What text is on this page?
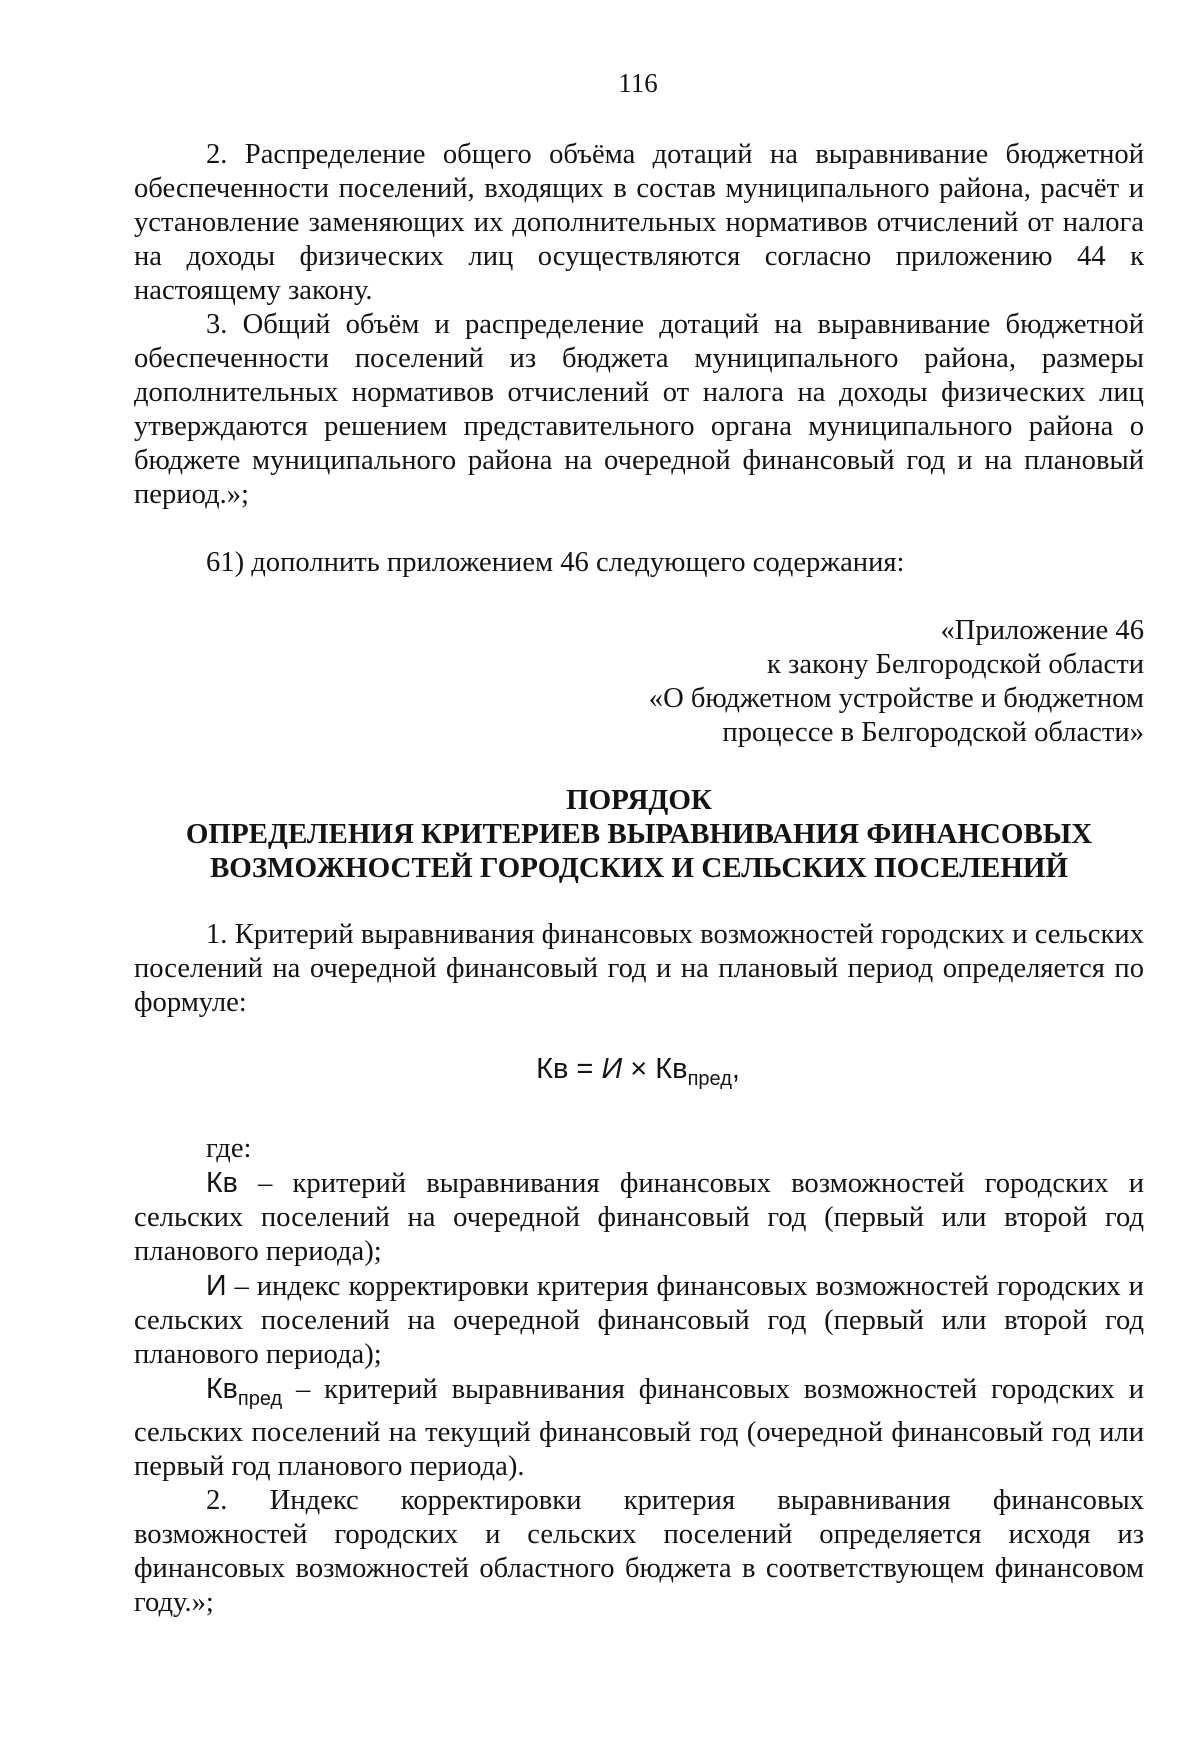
116

2. Распределение общего объёма дотаций на выравнивание бюджетной обеспеченности поселений, входящих в состав муниципального района, расчёт и установление заменяющих их дополнительных нормативов отчислений от налога на доходы физических лиц осуществляются согласно приложению 44 к настоящему закону.

3. Общий объём и распределение дотаций на выравнивание бюджетной обеспеченности поселений из бюджета муниципального района, размеры дополнительных нормативов отчислений от налога на доходы физических лиц утверждаются решением представительного органа муниципального района о бюджете муниципального района на очередной финансовый год и на плановый период.»;

61) дополнить приложением 46 следующего содержания:

«Приложение 46
к закону Белгородской области
«О бюджетном устройстве и бюджетном
процессе в Белгородской области»
ПОРЯДОК
ОПРЕДЕЛЕНИЯ КРИТЕРИЕВ ВЫРАВНИВАНИЯ ФИНАНСОВЫХ
ВОЗМОЖНОСТЕЙ ГОРОДСКИХ И СЕЛЬСКИХ ПОСЕЛЕНИЙ

1. Критерий выравнивания финансовых возможностей городских и сельских поселений на очередной финансовый год и на плановый период определяется по формуле:

Кв = $И \times Кв_{пред}$,

где:

Кв – критерий выравнивания финансовых возможностей городских и сельских поселений на очередной финансовый год (первый или второй год планового периода);

И – индекс корректировки критерия финансовых возможностей городских и сельских поселений на очередной финансовый год (первый или второй год планового периода);

$Кв_{пред}$ – критерий выравнивания финансовых возможностей городских и сельских поселений на текущий финансовый год (очередной финансовый год или первый год планового периода).

2. Индекс корректировки критерия выравнивания финансовых возможностей городских и сельских поселений определяется исходя из финансовых возможностей областного бюджета в соответствующем финансовом году.»;
